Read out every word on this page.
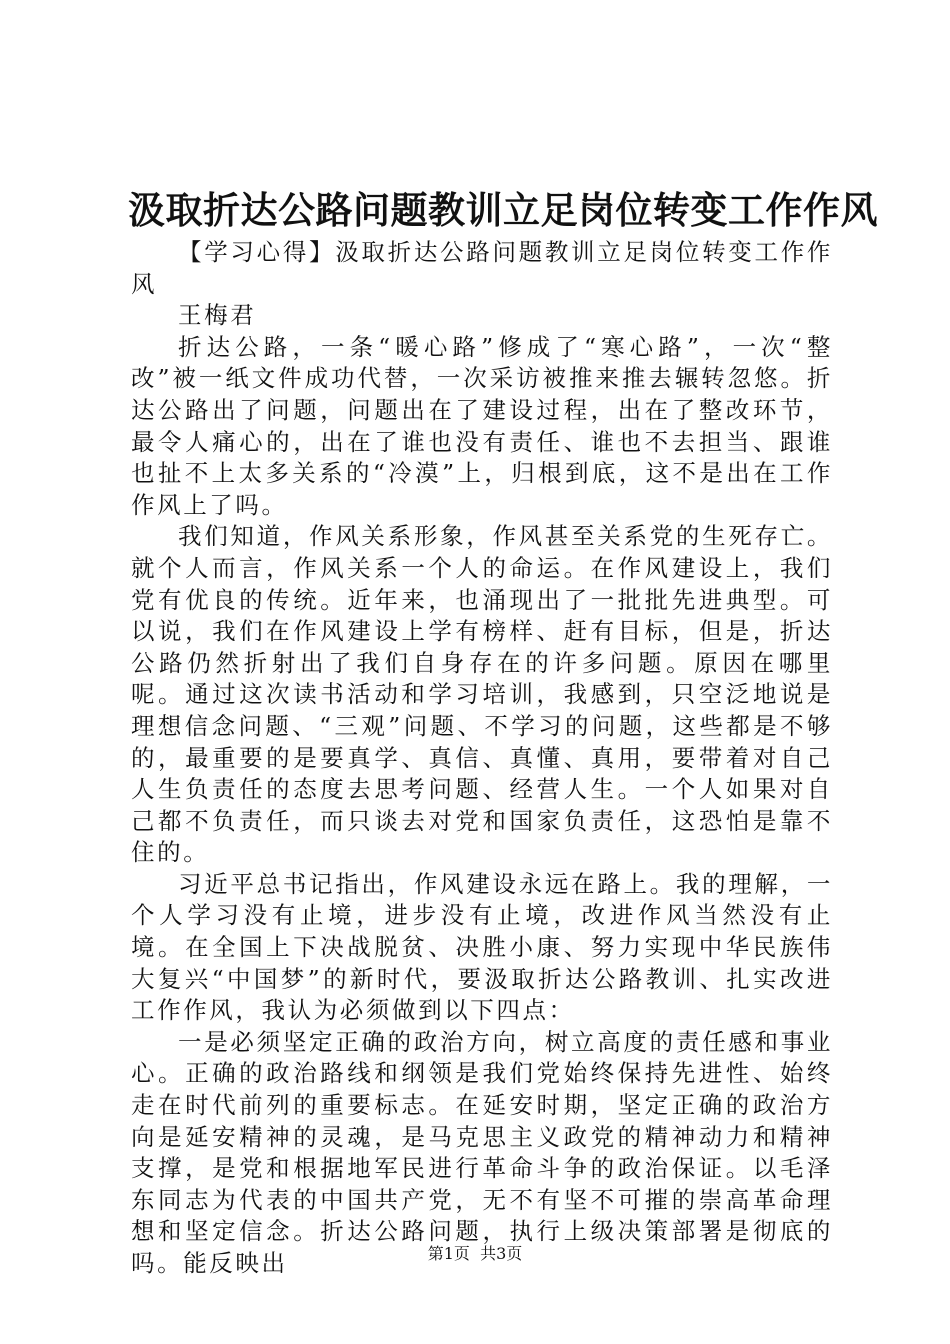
汲取折达公路问题教训立足岗位转变工作作风

【学习心得】汲取折达公路问题教训立足岗位转变工作作风

王梅君

折达公路，一条“暖心路”修成了“寒心路”，一次“整改”被一纸文件成功代替，一次采访被推来推去辗转忽悠。折达公路出了问题，问题出在了建设过程，出在了整改环节，最令人痛心的，出在了谁也没有责任、谁也不去担当、跟谁也扯不上太多关系的“冷漠”上，归根到底，这不是出在工作作风上了吗。

我们知道，作风关系形象，作风甚至关系党的生死存亡。就个人而言，作风关系一个人的命运。在作风建设上，我们党有优良的传统。近年来，也涌现出了一批批先进典型。可以说，我们在作风建设上学有榜样、赶有目标，但是，折达公路仍然折射出了我们自身存在的许多问题。原因在哪里呢。通过这次读书活动和学习培训，我感到，只空泛地说是理想信念问题、“三观”问题、不学习的问题，这些都是不够的，最重要的是要真学、真信、真懂、真用，要带着对自己人生负责任的态度去思考问题、经营人生。一个人如果对自己都不负责任，而只谈去对党和国家负责任，这恐怕是靠不住的。

习近平总书记指出，作风建设永远在路上。我的理解，一个人学习没有止境，进步没有止境，改进作风当然没有止境。在全国上下决战脱贫、决胜小康、努力实现中华民族伟大复兴“中国梦”的新时代，要汲取折达公路教训、扎实改进工作作风，我认为必须做到以下四点：

一是必须坚定正确的政治方向，树立高度的责任感和事业心。正确的政治路线和纲领是我们党始终保持先进性、始终走在时代前列的重要标志。在延安时期，坚定正确的政治方向是延安精神的灵魂，是马克思主义政党的精神动力和精神支撑，是党和根据地军民进行革命斗争的政治保证。以毛泽东同志为代表的中国共产党，无不有坚不可摧的崇高革命理想和坚定信念。折达公路问题，执行上级决策部署是彻底的吗。能反映出	第1页  共3页
